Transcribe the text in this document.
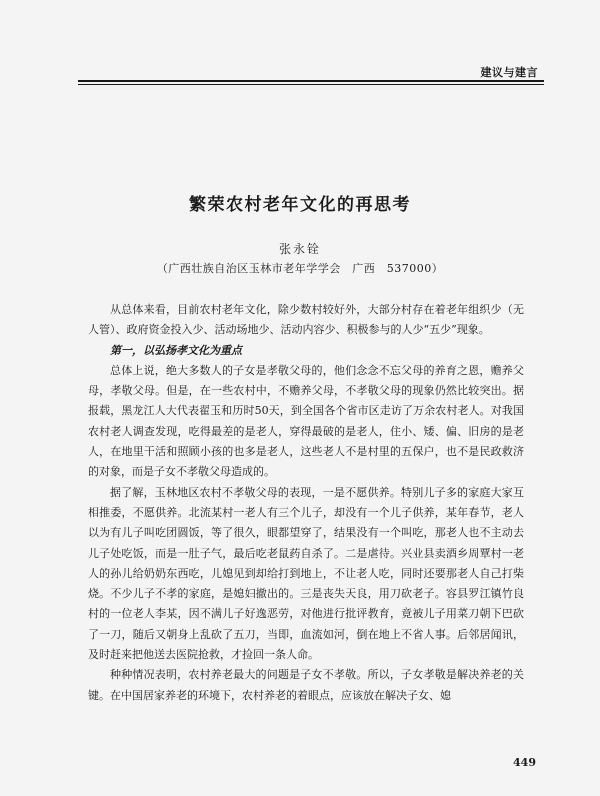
建议与建言
繁荣农村老年文化的再思考
张永铨
（广西壮族自治区玉林市老年学学会　广西　537000）

从总体来看，目前农村老年文化，除少数村较好外，大部分村存在着老年组织少（无人管）、政府资金投入少、活动场地少、活动内容少、积极参与的人少“五少”现象。

第一，以弘扬孝文化为重点

总体上说，绝大多数人的子女是孝敬父母的，他们念念不忘父母的养育之恩，赡养父母，孝敬父母。但是，在一些农村中，不赡养父母，不孝敬父母的现象仍然比较突出。据报载，黑龙江人大代表翟玉和历时50天，到全国各个省市区走访了万余农村老人。对我国农村老人调查发现，吃得最差的是老人，穿得最破的是老人，住小、矮、偏、旧房的是老人，在地里干活和照顾小孩的也多是老人，这些老人不是村里的五保户，也不是民政救济的对象，而是子女不孝敬父母造成的。

据了解，玉林地区农村不孝敬父母的表现，一是不愿供养。特别儿子多的家庭大家互相推委，不愿供养。北流某村一老人有三个儿子，却没有一个儿子供养，某年春节，老人以为有儿子叫吃团圆饭，等了很久，眼都望穿了，结果没有一个叫吃，那老人也不主动去儿子处吃饭，而是一肚子气，最后吃老鼠药自杀了。二是虐待。兴业县卖酒乡周覃村一老人的孙儿给奶奶东西吃，儿媳见到却给打到地上，不让老人吃，同时还要那老人自己打柴烧。不少儿子不孝的家庭，是媳妇撤出的。三是丧失天良，用刀砍老子。容县罗江镇竹良村的一位老人李某，因不满儿子好逸恶劳，对他进行批评教育，竟被儿子用菜刀朝下巴砍了一刀，随后又朝身上乱砍了五刀，当即，血流如河，倒在地上不省人事。后邻居闻讯，及时赶来把他送去医院抢救，才捡回一条人命。

种种情况表明，农村养老最大的问题是子女不孝敬。所以，子女孝敬是解决养老的关键。在中国居家养老的环境下，农村养老的着眼点，应该放在解决子女、媳

449
